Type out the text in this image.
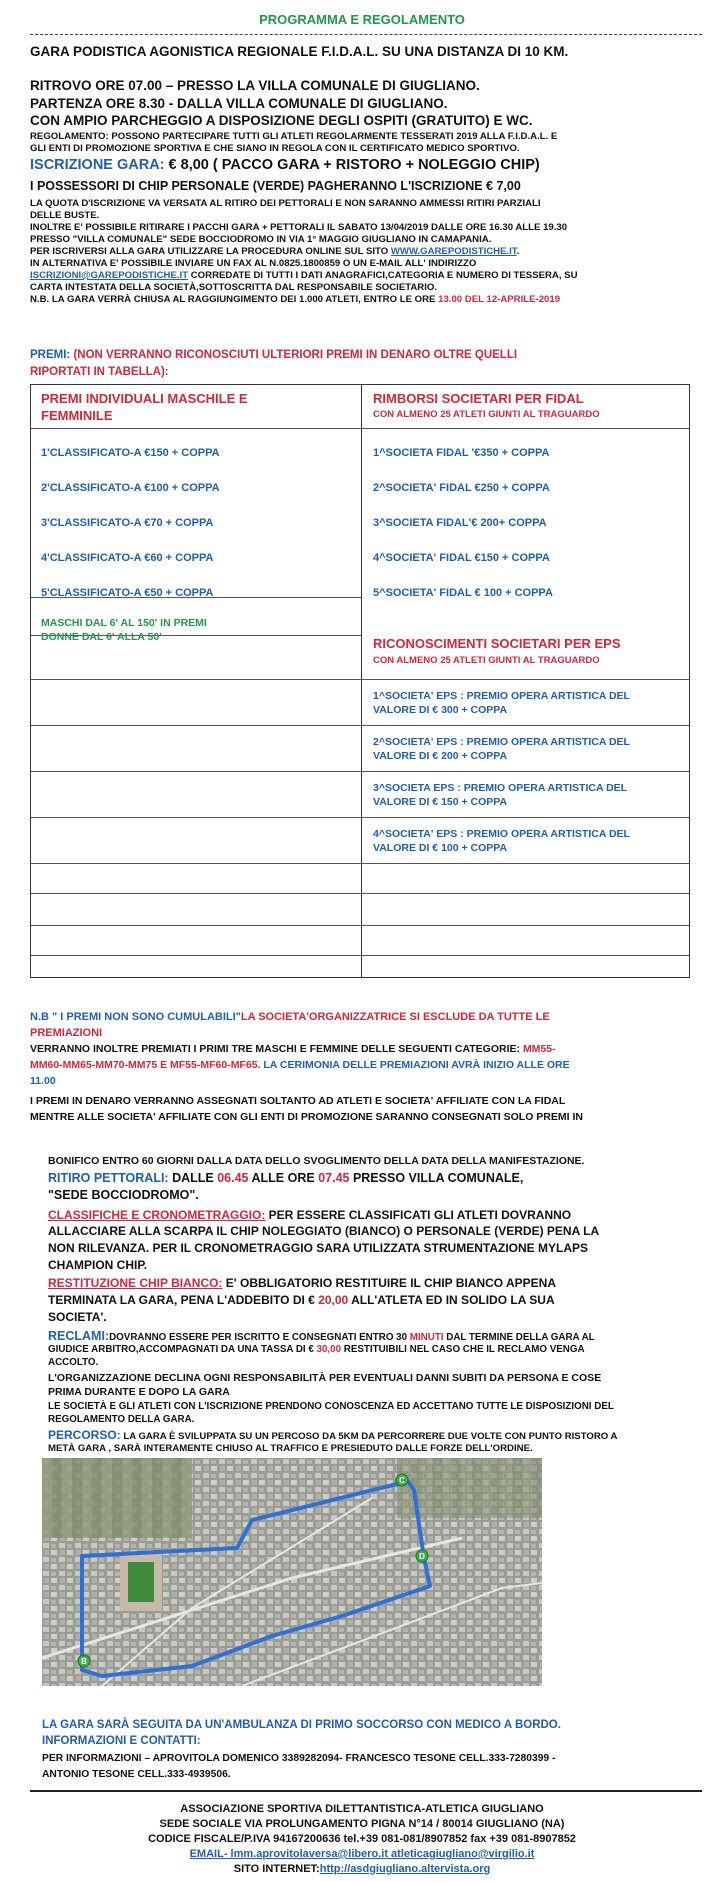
PROGRAMMA E REGOLAMENTO
GARA PODISTICA AGONISTICA REGIONALE F.I.D.A.L. SU UNA DISTANZA DI 10 KM.
RITROVO ORE 07.00 – PRESSO LA VILLA COMUNALE DI GIUGLIANO.
PARTENZA ORE 8.30 - DALLA VILLA COMUNALE DI GIUGLIANO.
CON AMPIO PARCHEGGIO A DISPOSIZIONE DEGLI OSPITI (GRATUITO) E WC.
REGOLAMENTO: POSSONO PARTECIPARE TUTTI GLI ATLETI REGOLARMENTE TESSERATI 2019 ALLA F.I.D.A.L. E
GLI ENTI DI PROMOZIONE SPORTIVA E CHE SIANO IN REGOLA CON IL CERTIFICATO MEDICO SPORTIVO.
ISCRIZIONE GARA: € 8,00 ( PACCO GARA + RISTORO + NOLEGGIO CHIP)
I POSSESSORI DI CHIP PERSONALE (VERDE) PAGHERANNO L'ISCRIZIONE € 7,00
LA QUOTA D'ISCRIZIONE VA VERSATA AL RITIRO DEI PETTORALI E NON SARANNO AMMESSI RITIRI PARZIALI
DELLE BUSTE.
INOLTRE E' POSSIBILE RITIRARE I PACCHI GARA + PETTORALI IL SABATO 13/04/2019 DALLE ORE 16.30 ALLE 19.30
PRESSO "VILLA COMUNALE" SEDE BOCCIODROMO IN VIA 1° MAGGIO GIUGLIANO IN CAMAPANIA.
PER ISCRIVERSI ALLA GARA UTILIZZARE LA PROCEDURA ONLINE SUL SITO WWW.GAREPODISTICHE.IT.
IN ALTERNATIVA E' POSSIBILE INVIARE UN FAX AL N.0825.1800859 O UN E-MAIL ALL' INDIRIZZO
ISCRIZIONI@GAREPODISTICHE.IT CORREDATE DI TUTTI I DATI ANAGRAFICI,CATEGORIA E NUMERO DI TESSERA, SU
CARTA INTESTATA DELLA SOCIETÀ,SOTTOSCRITTA DAL RESPONSABILE SOCIETARIO.
N.B. LA GARA VERRÀ CHIUSA AL RAGGIUNGIMENTO DEI 1.000 ATLETI, ENTRO LE ORE 13.00 DEL 12-APRILE-2019
PREMI: (NON VERRANNO RICONOSCIUTI ULTERIORI PREMI IN DENARO OLTRE QUELLI
RIPORTATI IN TABELLA):
PREMI INDIVIDUALI MASCHILE E
FEMMINILE
RIMBORSI SOCIETARI PER FIDAL
CON ALMENO 25 ATLETI GIUNTI AL TRAGUARDO
1'CLASSIFICATO-A €150 + COPPA
2'CLASSIFICATO-A €100 + COPPA
3'CLASSIFICATO-A €70 + COPPA
4'CLASSIFICATO-A €60 + COPPA
5'CLASSIFICATO-A €50 + COPPA
1^SOCIETA FIDAL '€350 + COPPA
2^SOCIETA' FIDAL €250 + COPPA
3^SOCIETA FIDAL'€ 200+ COPPA
4^SOCIETA' FIDAL €150 + COPPA
5^SOCIETA' FIDAL € 100 + COPPA
MASCHI DAL 6' AL 150' IN PREMI
DONNE DAL 6' ALLA 50'	RICONOSCIMENTI SOCIETARI PER EPS
CON ALMENO 25 ATLETI GIUNTI AL TRAGUARDO
1^SOCIETA' EPS : PREMIO OPERA ARTISTICA DEL
VALORE DI € 300 + COPPA
2^SOCIETA' EPS : PREMIO OPERA ARTISTICA DEL
VALORE DI € 200 + COPPA
3^SOCIETA EPS : PREMIO OPERA ARTISTICA DEL
VALORE DI € 150 + COPPA
4^SOCIETA' EPS : PREMIO OPERA ARTISTICA DEL
VALORE DI € 100 + COPPA
N.B " I PREMI NON SONO CUMULABILI"LA SOCIETA'ORGANIZZATRICE SI ESCLUDE DA TUTTE LE
PREMIAZIONI
VERRANNO INOLTRE PREMIATI I PRIMI TRE MASCHI E FEMMINE DELLE SEGUENTI CATEGORIE: MM55-
MM60-MM65-MM70-MM75 E MF55-MF60-MF65. LA CERIMONIA DELLE PREMIAZIONI AVRÀ INIZIO ALLE ORE
11.00
I PREMI IN DENARO VERRANNO ASSEGNATI SOLTANTO AD ATLETI E SOCIETA' AFFILIATE CON LA FIDAL
MENTRE ALLE SOCIETA' AFFILIATE CON GLI ENTI DI PROMOZIONE SARANNO CONSEGNATI SOLO PREMI IN
BONIFICO ENTRO 60 GIORNI DALLA DATA DELLO SVOGLIMENTO DELLA DATA DELLA MANIFESTAZIONE.
RITIRO PETTORALI: DALLE 06.45 ALLE ORE 07.45 PRESSO VILLA COMUNALE,
"SEDE BOCCIODROMO".
CLASSIFICHE E CRONOMETRAGGIO: PER ESSERE CLASSIFICATI GLI ATLETI DOVRANNO
ALLACCIARE ALLA SCARPA IL CHIP NOLEGGIATO (BIANCO) O PERSONALE (VERDE) PENA LA
NON RILEVANZA. PER IL CRONOMETRAGGIO SARA UTILIZZATA STRUMENTAZIONE MYLAPS
CHAMPION CHIP.
RESTITUZIONE CHIP BIANCO: E' OBBLIGATORIO RESTITUIRE IL CHIP BIANCO APPENA
TERMINATA LA GARA, PENA L'ADDEBITO DI € 20,00 ALL'ATLETA ED IN SOLIDO LA SUA
SOCIETA'.
RECLAMI:DOVRANNO ESSERE PER ISCRITTO E CONSEGNATI ENTRO 30 MINUTI DAL TERMINE DELLA GARA AL
GIUDICE ARBITRO,ACCOMPAGNATI DA UNA TASSA DI € 30,00 RESTITUIBILI NEL CASO CHE IL RECLAMO VENGA
ACCOLTO.
L'ORGANIZZAZIONE DECLINA OGNI RESPONSABILITÀ PER EVENTUALI DANNI SUBITI DA PERSONA E COSE
PRIMA DURANTE E DOPO LA GARA
LE SOCIETÀ E GLI ATLETI CON L'ISCRIZIONE PRENDONO CONOSCENZA ED ACCETTANO TUTTE LE DISPOSIZIONI DEL
REGOLAMENTO DELLA GARA.
PERCORSO: LA GARA È SVILUPPATA SU UN PERCOSO DA 5KM DA PERCORRERE DUE VOLTE CON PUNTO RISTORO A
METÀ GARA , SARÀ INTERAMENTE CHIUSO AL TRAFFICO E PRESIEDUTO DALLE FORZE DELL'ORDINE.
C
D
B
LA GARA SARÀ SEGUITA DA UN'AMBULANZA DI PRIMO SOCCORSO CON MEDICO A BORDO.
INFORMAZIONI E CONTATTI:
PER INFORMAZIONI – APROVITOLA DOMENICO 3389282094- FRANCESCO TESONE CELL.333-7280399 -
ANTONIO TESONE CELL.333-4939506.
ASSOCIAZIONE SPORTIVA DILETTANTISTICA-ATLETICA GIUGLIANO
SEDE SOCIALE VIA PROLUNGAMENTO PIGNA N°14 / 80014 GIUGLIANO (NA)
CODICE FISCALE/P.IVA 94167200636 tel.+39 081-081/8907852 fax +39 081-8907852
EMAIL- lmm.aprovitolaversa@libero.it atleticagiugliano@virgilio.it
SITO INTERNET:http://asdgiugliano.altervista.org
